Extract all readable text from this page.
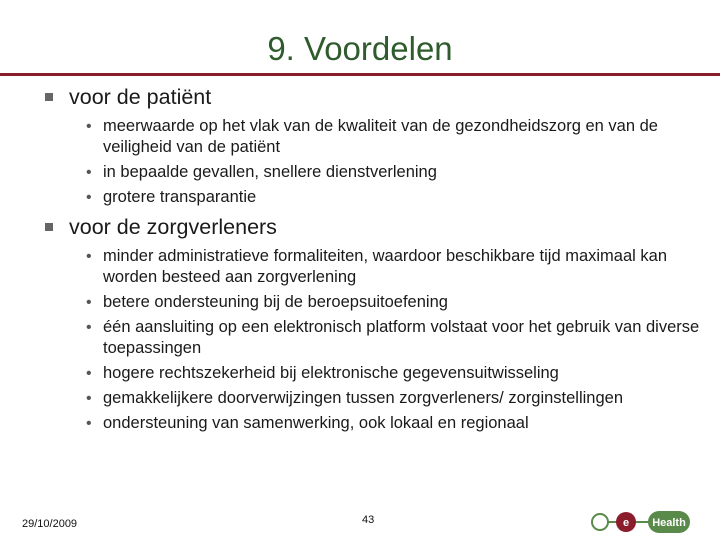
9. Voordelen
voor de patiënt
• meerwaarde op het vlak van de kwaliteit van de gezondheidszorg en van de veiligheid van de patiënt
• in bepaalde gevallen, snellere dienstverlening
• grotere transparantie
voor de zorgverleners
• minder administratieve formaliteiten, waardoor beschikbare tijd maximaal kan worden besteed aan zorgverlening
• betere ondersteuning bij de beroepsuitoefening
• één aansluiting op een elektronisch platform volstaat voor het gebruik van diverse toepassingen
• hogere rechtszekerheid bij elektronische gegevensuitwisseling
• gemakkelijkere doorverwijzingen tussen zorgverleners/ zorginstellingen
• ondersteuning van samenwerking, ook lokaal en regionaal
29/10/2009	43	e Health
